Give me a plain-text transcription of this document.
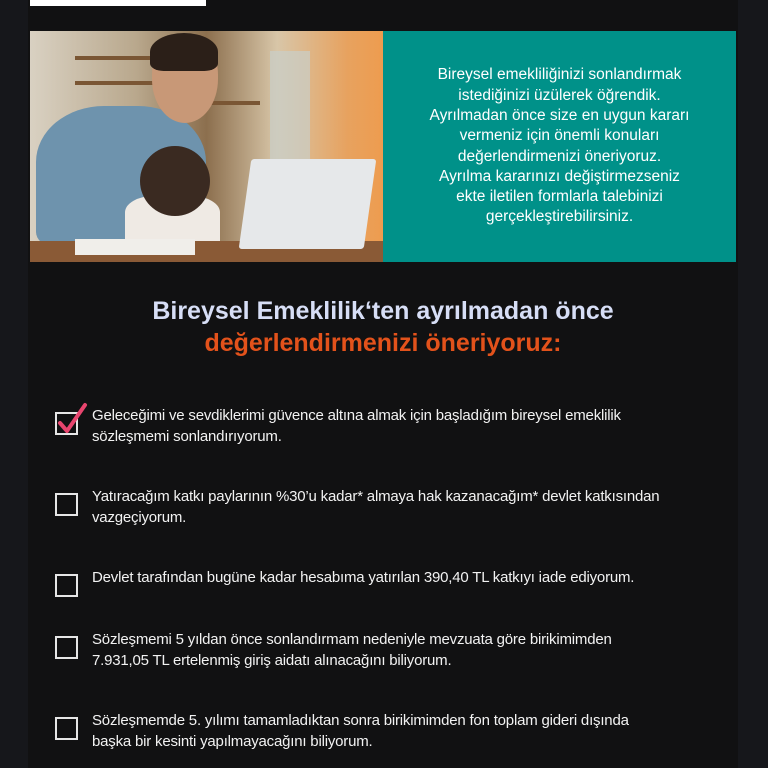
Bireysel emekliliğinizi sonlandırmak
istediğinizi üzülerek öğrendik.
Ayrılmadan önce size en uygun kararı
vermeniz için önemli konuları
değerlendirmenizi öneriyoruz.
Ayrılma kararınızı değiştirmezseniz
ekte iletilen formlarla talebinizi
gerçekleştirebilirsiniz.
Bireysel Emeklilik‘ten ayrılmadan önce
değerlendirmenizi öneriyoruz:
Geleceğimi ve sevdiklerimi güvence altına almak için başladığım bireysel emeklilik
sözleşmemi sonlandırıyorum.
Yatıracağım katkı paylarının %30’u kadar* almaya hak kazanacağım* devlet katkısından
vazgeçiyorum.
Devlet tarafından bugüne kadar hesabıma yatırılan 390,40 TL katkıyı iade ediyorum.
Sözleşmemi 5 yıldan önce sonlandırmam nedeniyle mevzuata göre birikimimden
7.931,05 TL ertelenmiş giriş aidatı alınacağını biliyorum.
Sözleşmemde 5. yılımı tamamladıktan sonra birikimimden fon toplam gideri dışında
başka bir kesinti yapılmayacağını biliyorum.
